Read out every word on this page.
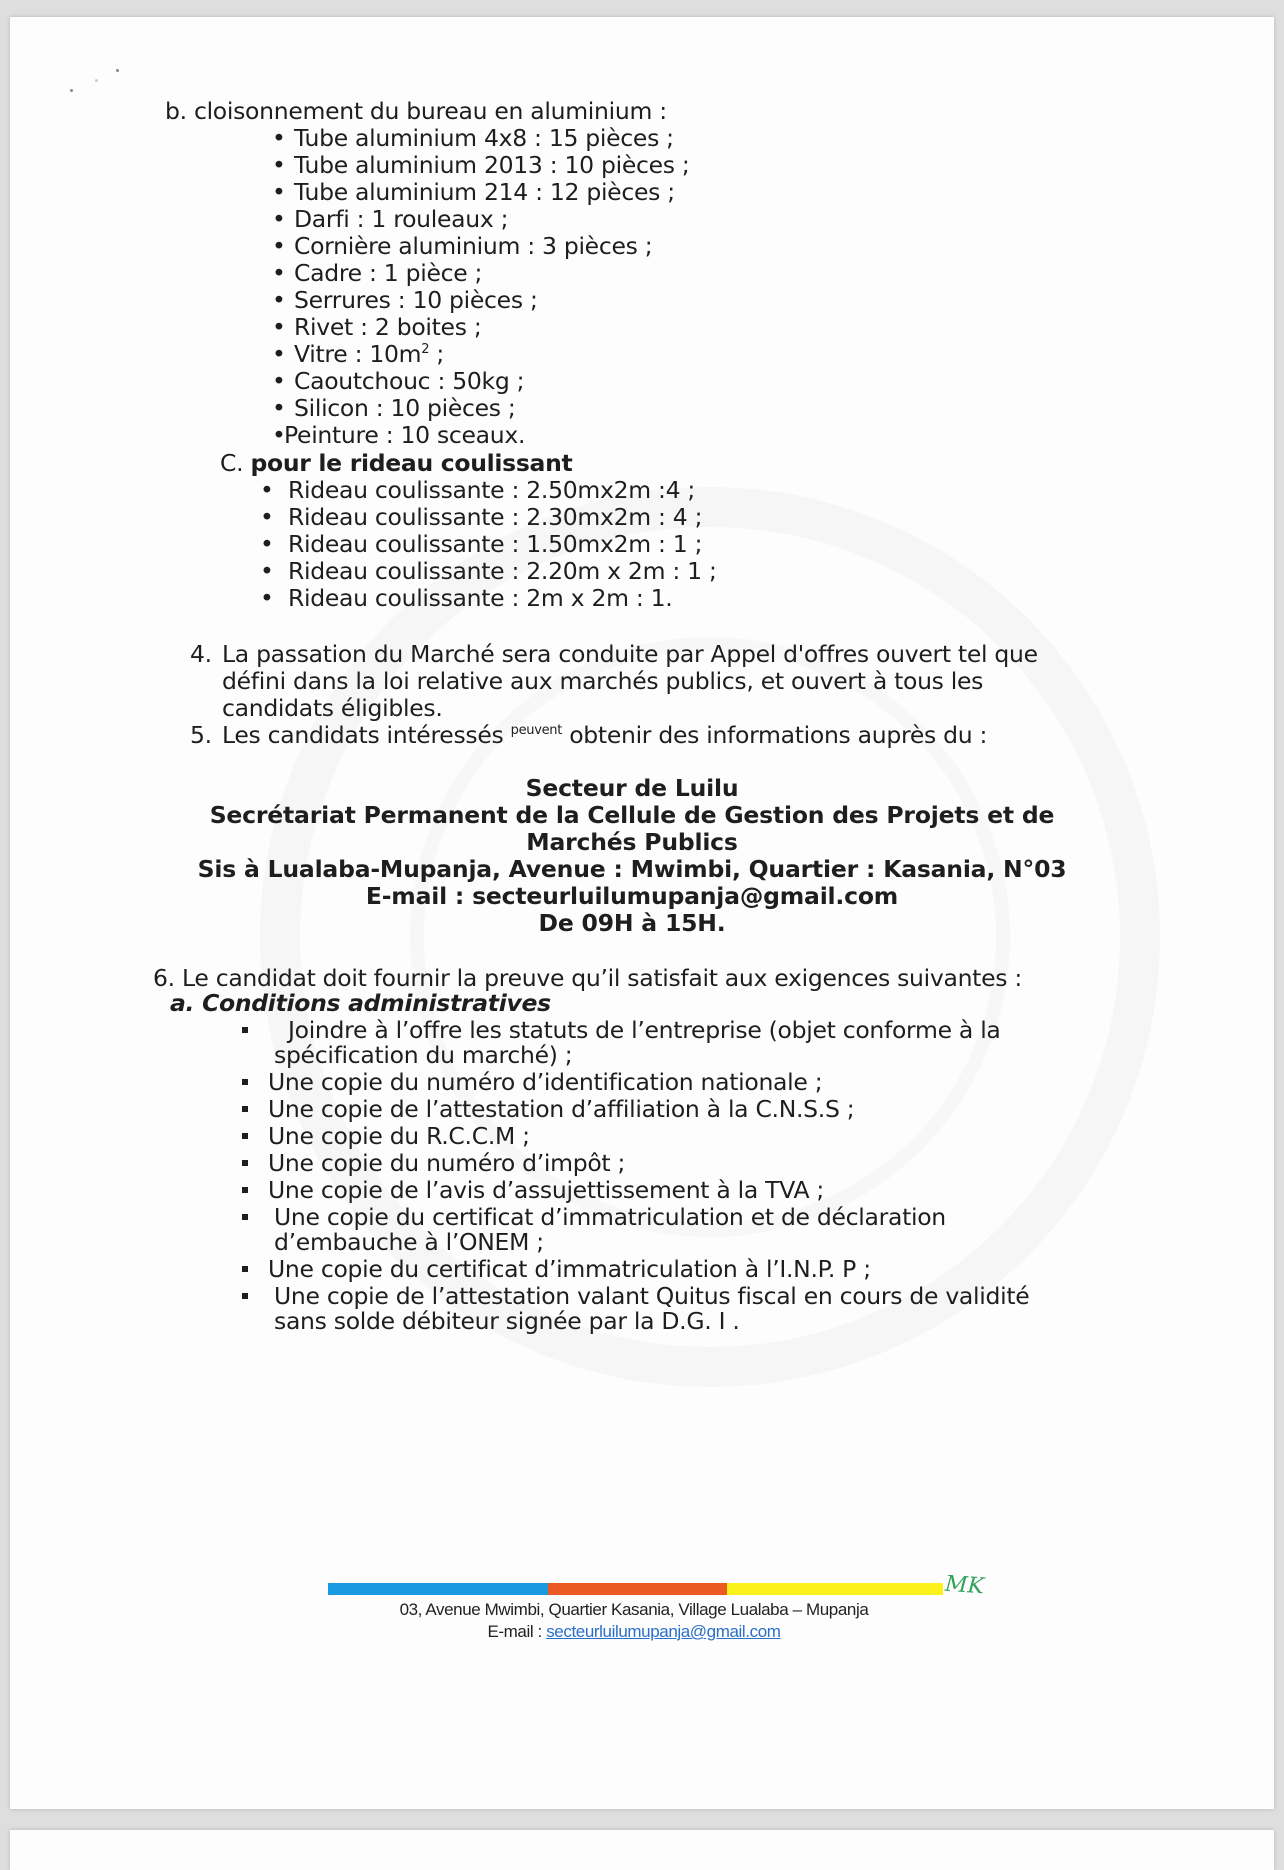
b. cloisonnement du bureau en aluminium :
• Tube aluminium 4x8 : 15 pièces ;
• Tube aluminium 2013 : 10 pièces ;
• Tube aluminium 214 : 12 pièces ;
• Darfi : 1 rouleaux ;
• Cornière aluminium : 3 pièces ;
• Cadre : 1 pièce ;
• Serrures : 10 pièces ;
• Rivet : 2 boites ;
• Vitre : $10m^2$ ;
• Caoutchouc : 50kg ;
• Silicon : 10 pièces ;
•Peinture : 10 sceaux.
C. pour le rideau coulissant
• Rideau coulissante : 2.50mx2m :4 ;
• Rideau coulissante : 2.30mx2m : 4 ;
• Rideau coulissante : 1.50mx2m : 1 ;
• Rideau coulissante : 2.20m x 2m : 1 ;
• Rideau coulissante : 2m x 2m : 1.
4. La passation du Marché sera conduite par Appel d'offres ouvert tel que
défini dans la loi relative aux marchés publics, et ouvert à tous les
candidats éligibles.
5. Les candidats intéressés $^{peuvent}$ obtenir des informations auprès du :
Secteur de Luilu
Secrétariat Permanent de la Cellule de Gestion des Projets et de
Marchés Publics
Sis à Lualaba-Mupanja, Avenue : Mwimbi, Quartier : Kasania, N°03
E-mail : secteurluilumupanja@gmail.com
De 09H à 15H.
6. Le candidat doit fournir la preuve qu’il satisfait aux exigences suivantes :
a. Conditions administratives
Joindre à l’offre les statuts de l’entreprise (objet conforme à la
spécification du marché) ;
Une copie du numéro d’identification nationale ;
Une copie de l’attestation d’affiliation à la C.N.S.S ;
Une copie du R.C.C.M ;
Une copie du numéro d’impôt ;
Une copie de l’avis d’assujettissement à la TVA ;
Une copie du certificat d’immatriculation et de déclaration
d’embauche à l’ONEM ;
Une copie du certificat d’immatriculation à l’I.N.P. P ;
Une copie de l’attestation valant Quitus fiscal en cours de validité
sans solde débiteur signée par la D.G. I .
MK
03, Avenue Mwimbi, Quartier Kasania, Village Lualaba – Mupanja
E-mail : secteurluilumupanja@gmail.com
